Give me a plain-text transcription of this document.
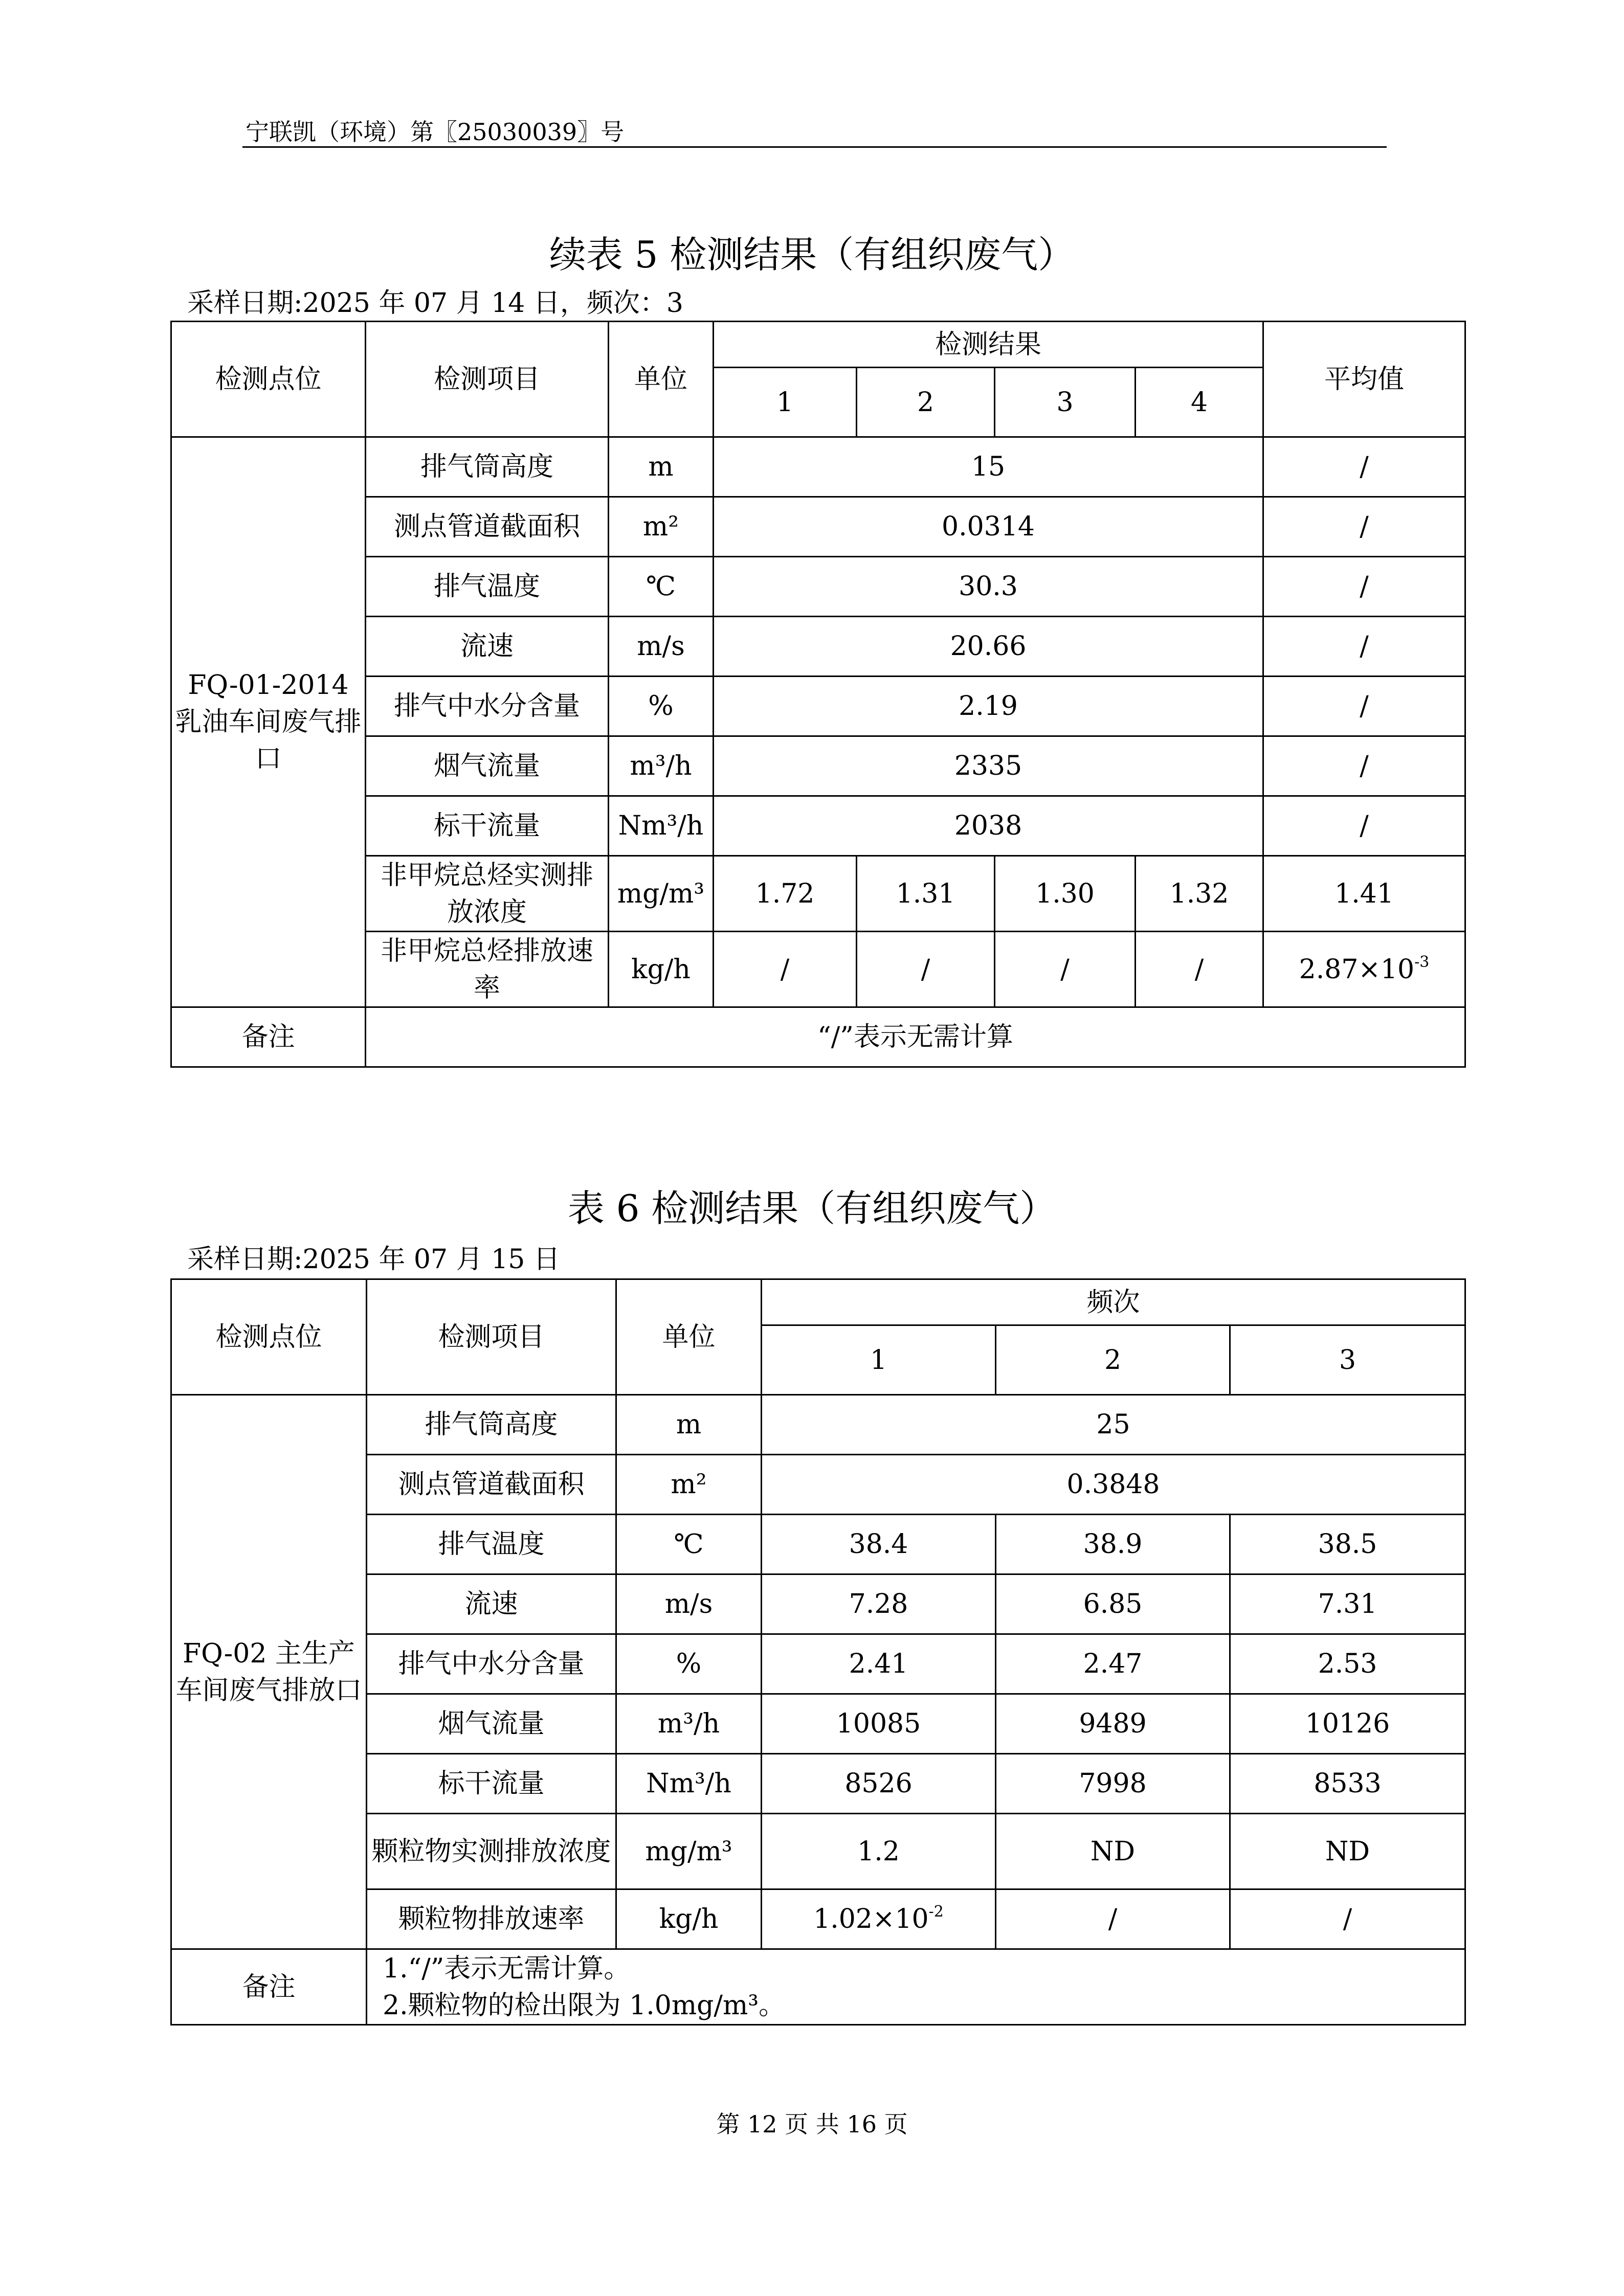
宁联凯（环境）第〖25030039〗号
续表 5 检测结果（有组织废气）
采样日期:2025 年 07 月 14 日，频次：3
检测点位	检测项目	单位	检测结果				平均值
			1	2	3	4	
FQ-01-2014 乳油车间废气排口	排气筒高度	m	15				/
	测点管道截面积	m²	0.0314				/
	排气温度	℃	30.3				/
	流速	m/s	20.66				/
	排气中水分含量	%	2.19				/
	烟气流量	m³/h	2335				/
	标干流量	Nm³/h	2038				/
	非甲烷总烃实测排放浓度	mg/m³	1.72	1.31	1.30	1.32	1.41
	非甲烷总烃排放速率	kg/h	/	/	/	/	$2.87\times 10^{-3}$
备注	“/”表示无需计算						
表 6 检测结果（有组织废气）
采样日期:2025 年 07 月 15 日
检测点位	检测项目	单位	频次		
			1	2	3
FQ-02 主生产车间废气排放口	排气筒高度	m	25		
	测点管道截面积	m²	0.3848		
	排气温度	℃	38.4	38.9	38.5
	流速	m/s	7.28	6.85	7.31
	排气中水分含量	%	2.41	2.47	2.53
	烟气流量	m³/h	10085	9489	10126
	标干流量	Nm³/h	8526	7998	8533
	颗粒物实测排放浓度	mg/m³	1.2	ND	ND
	颗粒物排放速率	kg/h	$1.02\times 10^{-2}$	/	/
备注	1.“/”表示无需计算。
2.颗粒物的检出限为 1.0mg/m³。				
第 12 页 共 16 页
